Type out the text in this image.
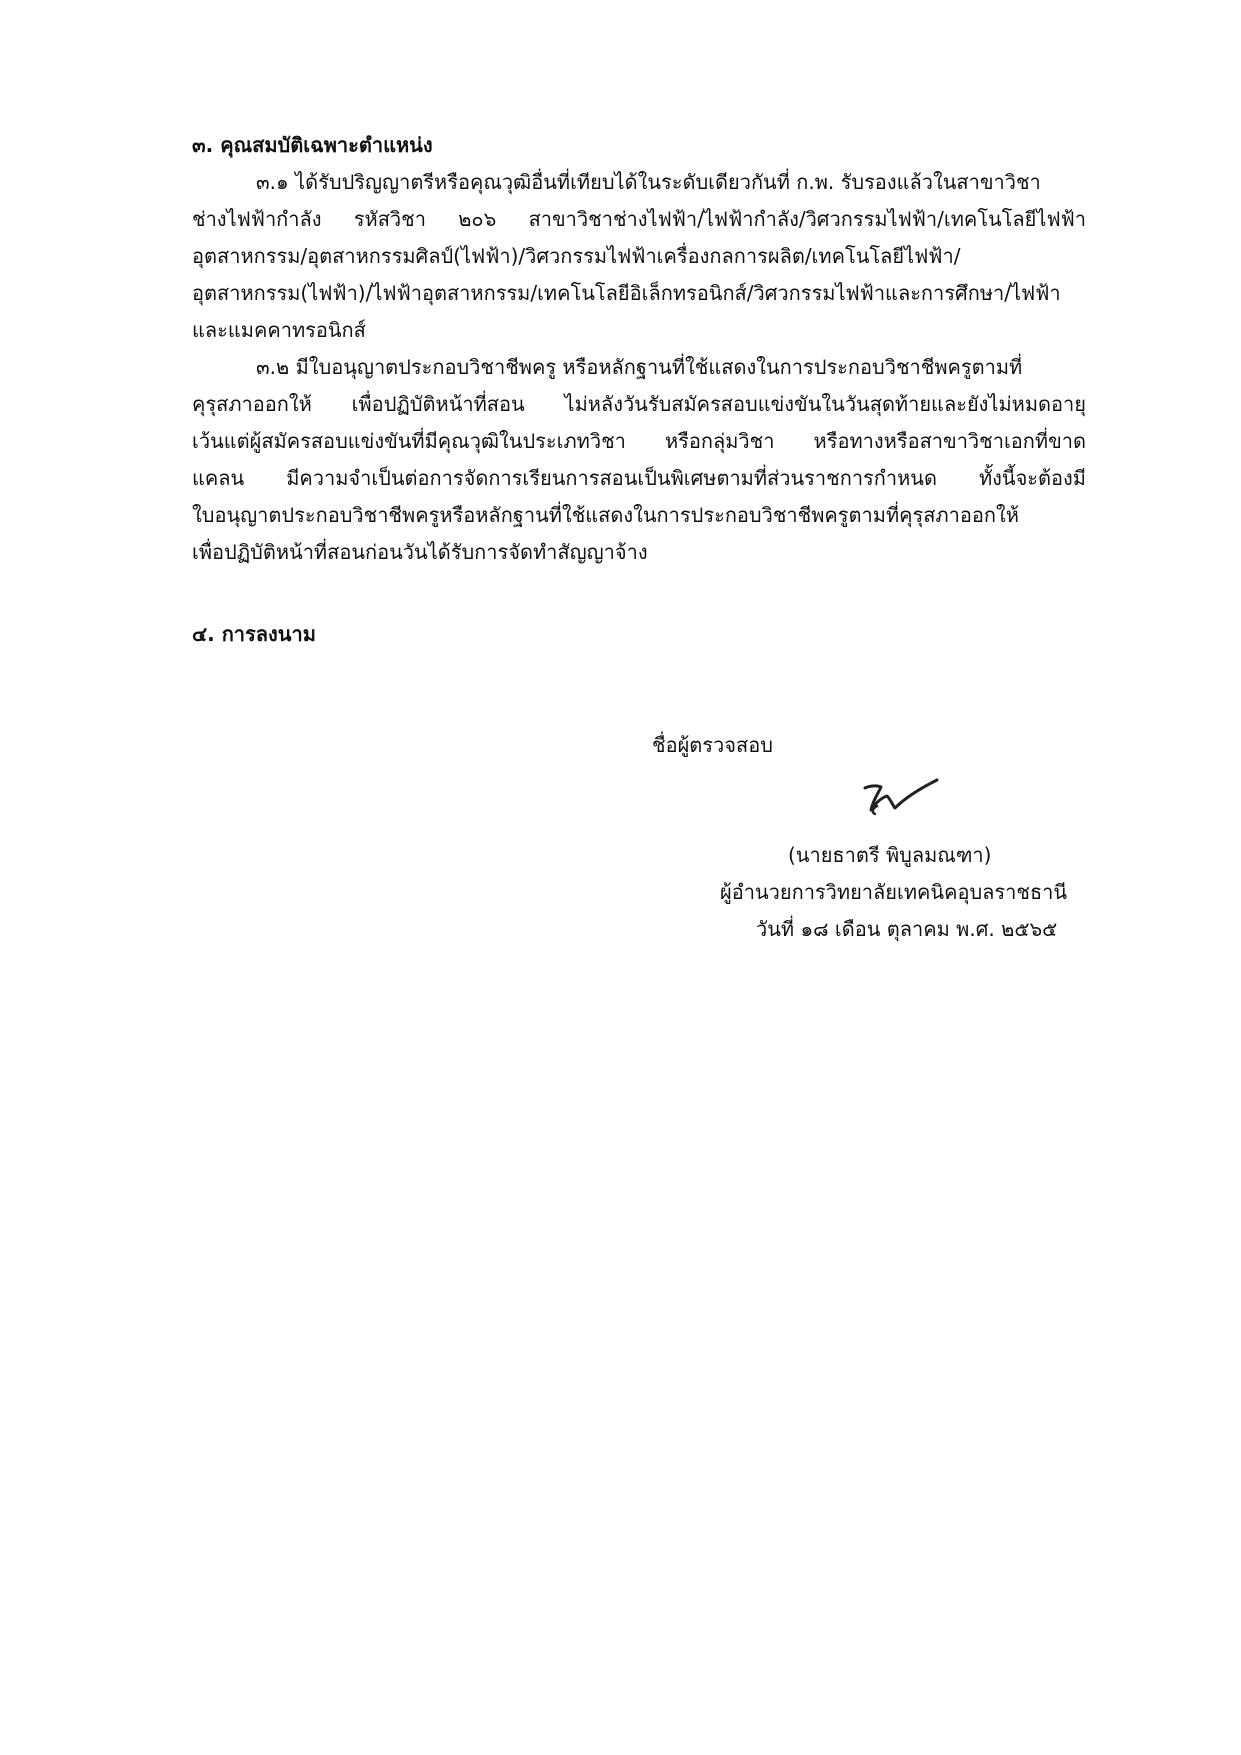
๓. คุณสมบัติเฉพาะตำแหน่ง
๓.๑ ได้รับปริญญาตรีหรือคุณวุฒิอื่นที่เทียบได้ในระดับเดียวกันที่ ก.พ. รับรองแล้วในสาขาวิชา
ช่างไฟฟ้ากำลัง รหัสวิชา ๒๐๖ สาขาวิชาช่างไฟฟ้า/ไฟฟ้ากำลัง/วิศวกรรมไฟฟ้า/เทคโนโลยีไฟฟ้า
อุตสาหกรรม/อุตสาหกรรมศิลป์(ไฟฟ้า)/วิศวกรรมไฟฟ้าเครื่องกลการผลิต/เทคโนโลยีไฟฟ้า/
อุตสาหกรรม(ไฟฟ้า)/ไฟฟ้าอุตสาหกรรม/เทคโนโลยีอิเล็กทรอนิกส์/วิศวกรรมไฟฟ้าและการศึกษา/ไฟฟ้า
และแมคคาทรอนิกส์
๓.๒ มีใบอนุญาตประกอบวิชาชีพครู หรือหลักฐานที่ใช้แสดงในการประกอบวิชาชีพครูตามที่
คุรุสภาออกให้ เพื่อปฏิบัติหน้าที่สอน ไม่หลังวันรับสมัครสอบแข่งขันในวันสุดท้ายและยังไม่หมดอายุ
เว้นแต่ผู้สมัครสอบแข่งขันที่มีคุณวุฒิในประเภทวิชา หรือกลุ่มวิชา หรือทางหรือสาขาวิชาเอกที่ขาด
แคลน มีความจำเป็นต่อการจัดการเรียนการสอนเป็นพิเศษตามที่ส่วนราชการกำหนด ทั้งนี้จะต้องมี
ใบอนุญาตประกอบวิชาชีพครูหรือหลักฐานที่ใช้แสดงในการประกอบวิชาชีพครูตามที่คุรุสภาออกให้
เพื่อปฏิบัติหน้าที่สอนก่อนวันได้รับการจัดทำสัญญาจ้าง
๔. การลงนาม
ชื่อผู้ตรวจสอบ
(นายธาตรี พิบูลมณฑา)
ผู้อำนวยการวิทยาลัยเทคนิคอุบลราชธานี
วันที่ ๑๘ เดือน ตุลาคม พ.ศ. ๒๕๖๕
